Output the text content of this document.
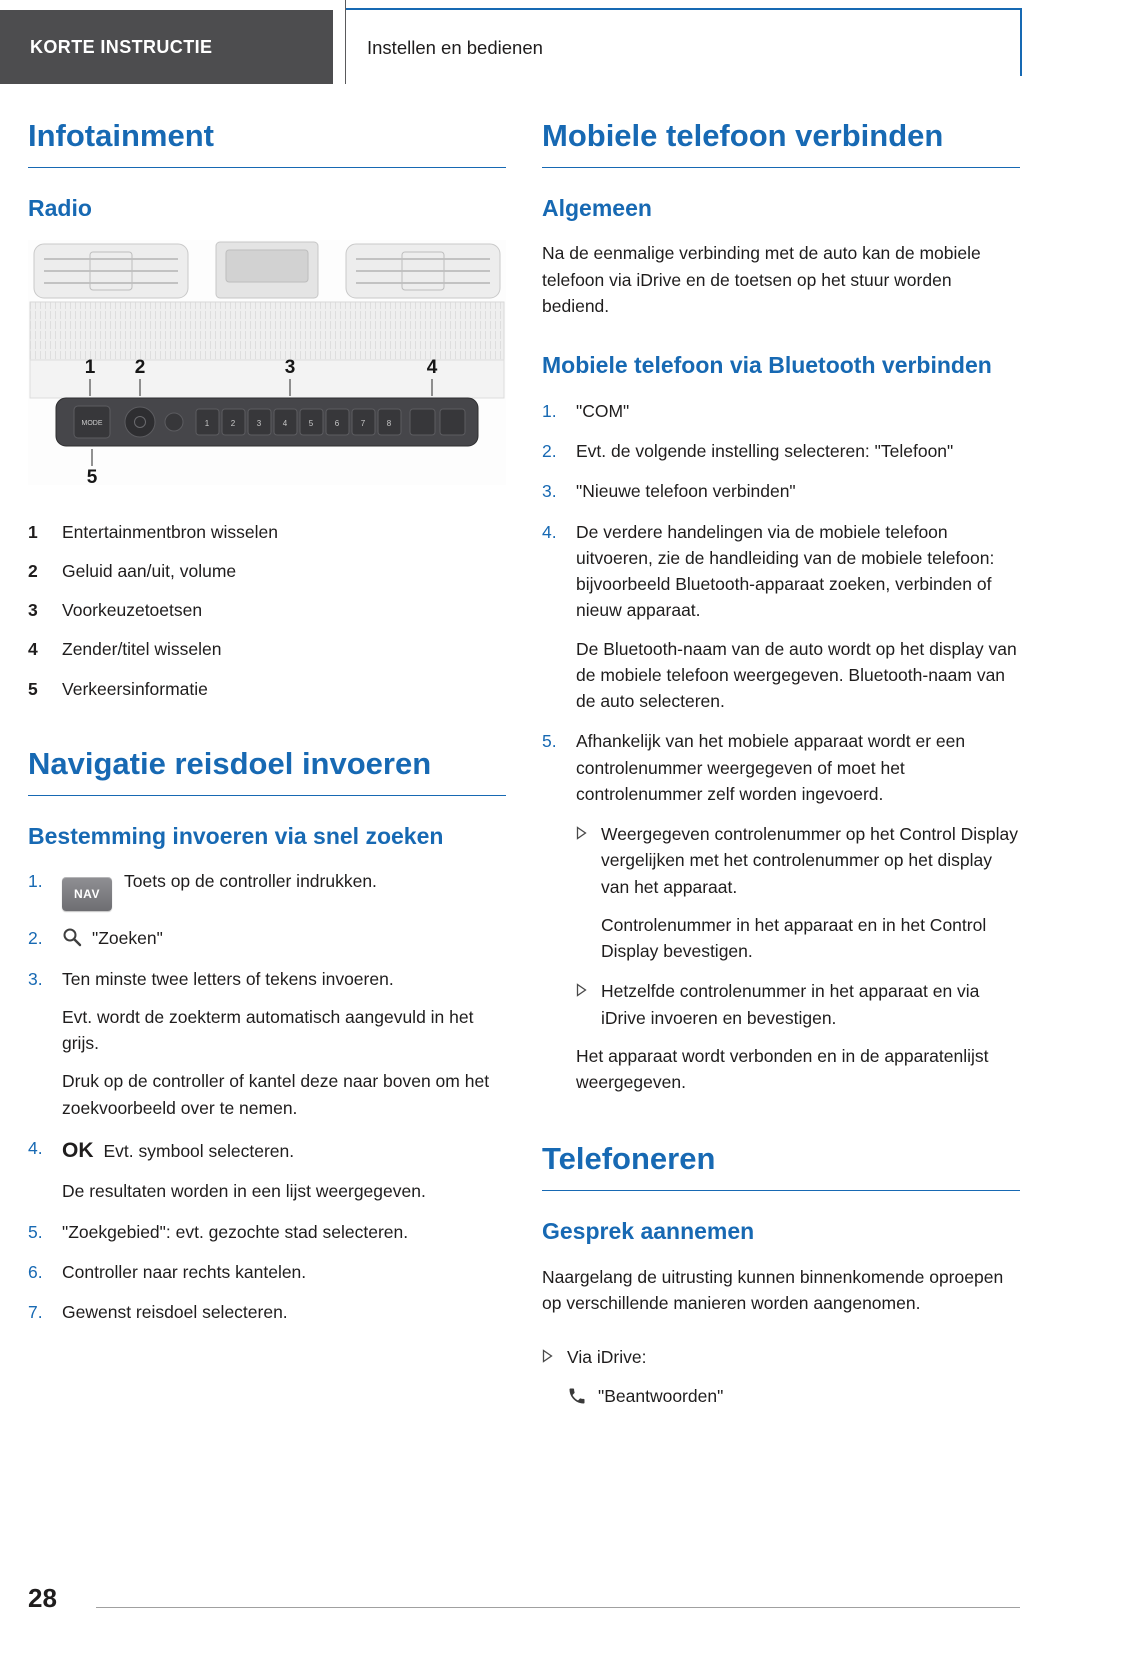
KORTE INSTRUCTIE	Instellen en bedienen
Infotainment
Radio
MODE	1	2	3	4	5	6	7	8
1 2	3	4
5
1	Entertainmentbron wisselen
2	Geluid aan/uit, volume
3	Voorkeuzetoetsen
4	Zender/titel wisselen
5	Verkeersinformatie
Navigatie reisdoel invoeren
Bestemming invoeren via snel zoeken
1.
NAVToets op de controller indrukken.
2.	"Zoeken"
3.	Ten minste twee letters of tekens invoeren.

Evt. wordt de zoekterm automatisch aangevuld in het grijs.

Druk op de controller of kantel deze naar boven om het zoekvoorbeeld over te nemen.

4. OK Evt. symbool selecteren.

De resultaten worden in een lijst weergegeven.

5.	"Zoekgebied": evt. gezochte stad selecteren.
6.	Controller naar rechts kantelen.
7.	Gewenst reisdoel selecteren.
Mobiele telefoon verbinden
Algemeen

Na de eenmalige verbinding met de auto kan de mobiele telefoon via iDrive en de toetsen op het stuur worden bediend.

Mobiele telefoon via Bluetooth verbinden
1.	"COM"
2.	Evt. de volgende instelling selecteren: "Telefoon"
3.	"Nieuwe telefoon verbinden"
4.	De verdere handelingen via de mobiele telefoon uitvoeren, zie de handleiding van de mobiele telefoon: bijvoorbeeld Bluetooth-apparaat zoeken, verbinden of nieuw apparaat.

De Bluetooth-naam van de auto wordt op het display van de mobiele telefoon weergegeven. Bluetooth-naam van de auto selecteren.

5.	Afhankelijk van het mobiele apparaat wordt er een controlenummer weergegeven of moet het controlenummer zelf worden ingevoerd.
Weergegeven controlenummer op het Control Display vergelijken met het controlenummer op het display van het apparaat.

Controlenummer in het apparaat en in het Control Display bevestigen.

Hetzelfde controlenummer in het apparaat en via iDrive invoeren en bevestigen.

Het apparaat wordt verbonden en in de apparatenlijst weergegeven.

Telefoneren
Gesprek aannemen

Naargelang de uitrusting kunnen binnenkomende oproepen op verschillende manieren worden aangenomen.

Via iDrive:
"Beantwoorden"
28
